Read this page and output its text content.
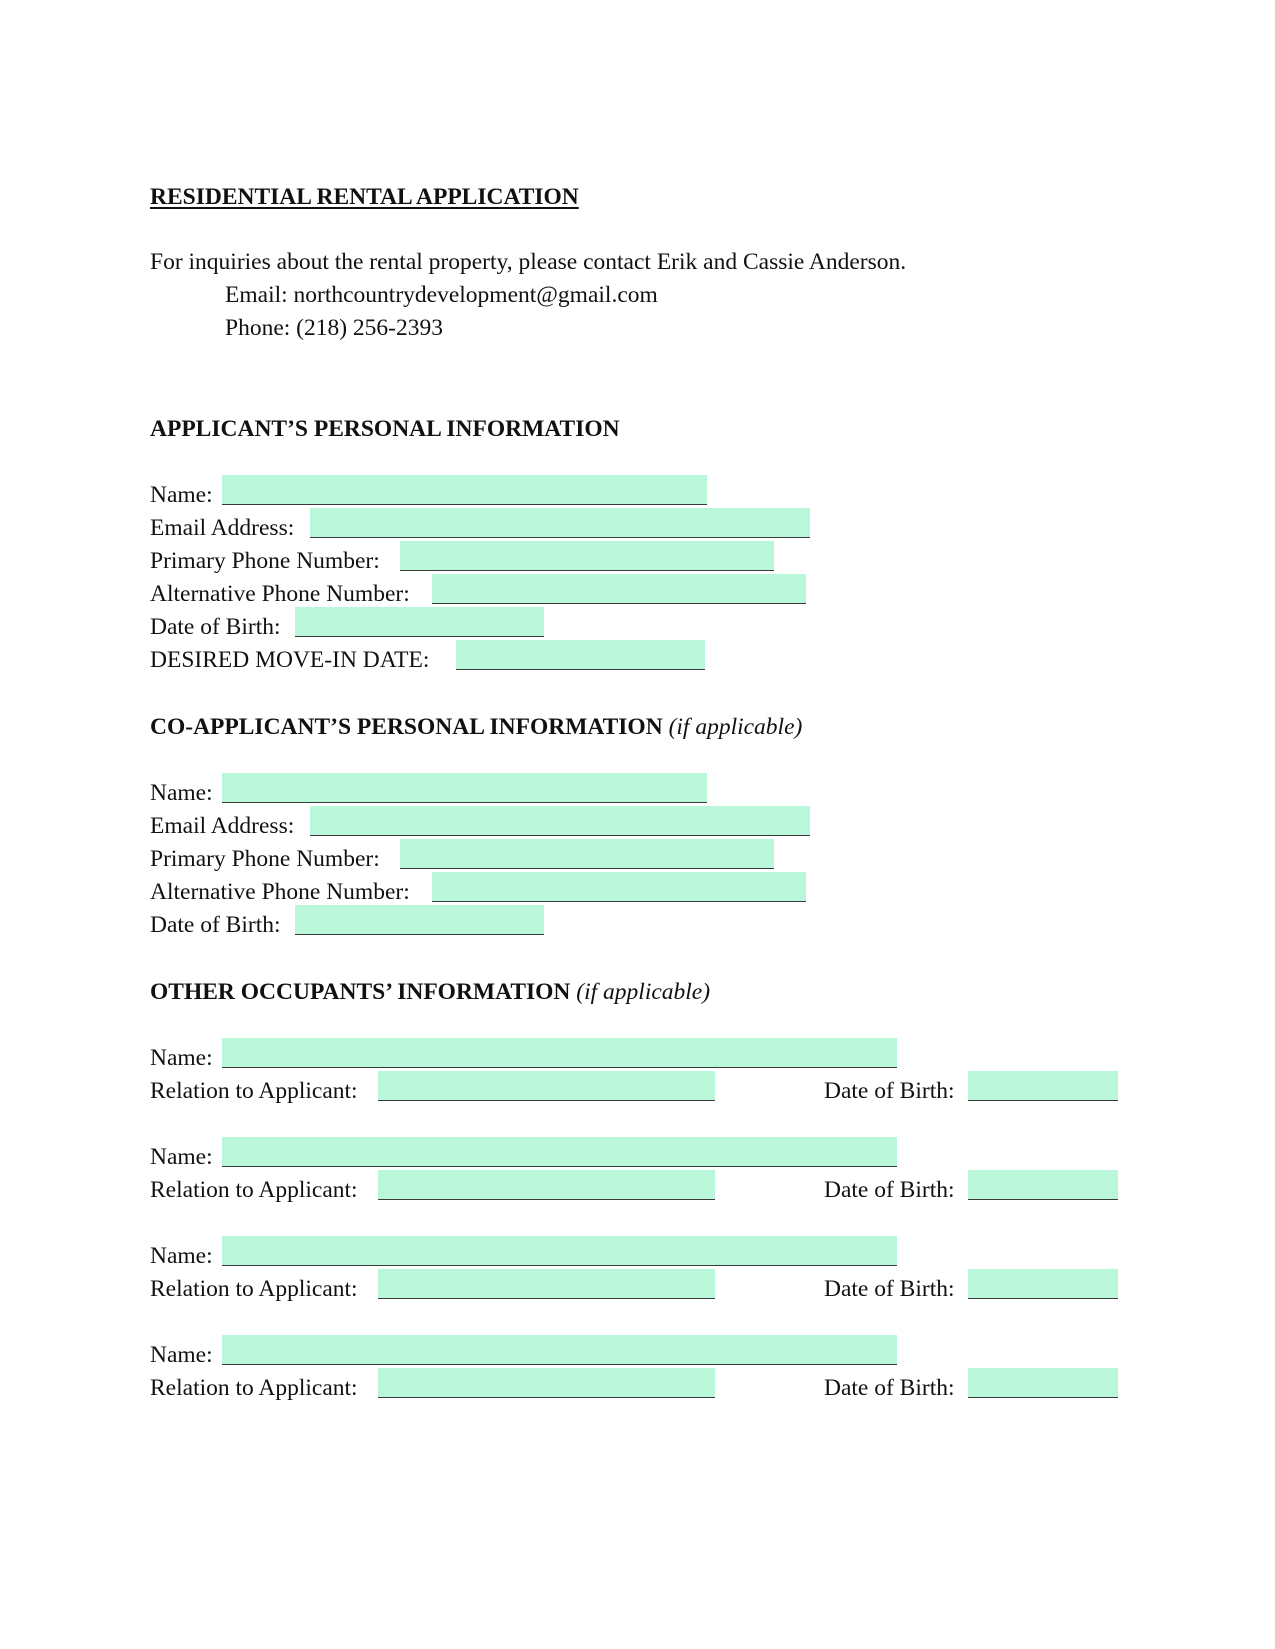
RESIDENTIAL RENTAL APPLICATION
For inquiries about the rental property, please contact Erik and Cassie Anderson.
Email: northcountrydevelopment@gmail.com
Phone: (218) 256-2393
APPLICANT’S PERSONAL INFORMATION
Name:
Email Address:
Primary Phone Number:
Alternative Phone Number:
Date of Birth:
DESIRED MOVE-IN DATE:
CO-APPLICANT’S PERSONAL INFORMATION (if applicable)
Name:
Email Address:
Primary Phone Number:
Alternative Phone Number:
Date of Birth:
OTHER OCCUPANTS’ INFORMATION (if applicable)
Name:
Relation to Applicant:	Date of Birth:
Name:
Relation to Applicant:	Date of Birth:
Name:
Relation to Applicant:	Date of Birth:
Name:
Relation to Applicant:	Date of Birth:
